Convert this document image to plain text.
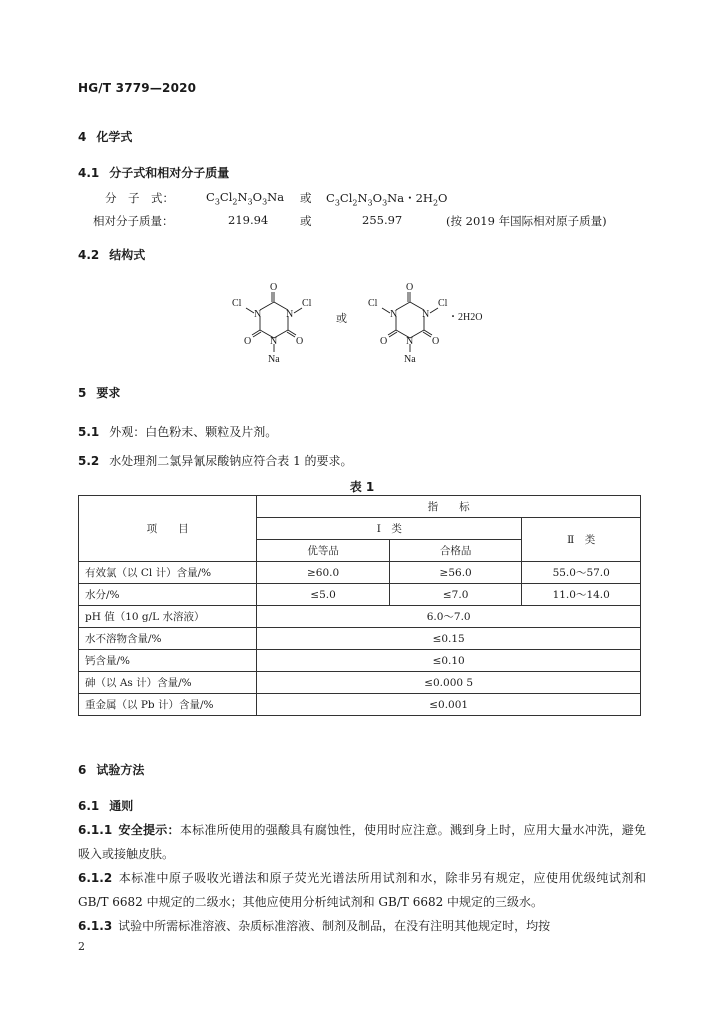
HG/T 3779—2020
4 化学式
4.1 分子式和相对分子质量
分　子　式：	$C_3Cl_2N_3O_3Na$ 或 $C_3Cl_2N_3O_3Na$・$2H_2O$
相对分子质量：	219.94	或	255.97	(按 2019 年国际相对原子质量)
4.2 结构式
O
N N
N
Cl	Cl
O	O
Na
或
O
N N
N
Cl	Cl
O	O
Na
・2H2O
5 要求
5.1 外观：白色粉末、颗粒及片剂。
5.2 水处理剂二氯异氰尿酸钠应符合表 1 的要求。
表 1
项　　目	指　　标		
	Ⅰ　类		Ⅱ　类
	优等品	合格品	
有效氯（以 Cl 计）含量/%	≥60.0	≥56.0	55.0～57.0
水分/%	≤5.0	≤7.0	11.0～14.0
pH 值（10 g/L 水溶液）	6.0～7.0		
水不溶物含量/%	≤0.15		
钙含量/%	≤0.10		
砷（以 As 计）含量/%	≤0.000 5		
重金属（以 Pb 计）含量/%	≤0.001		
6 试验方法
6.1 通则
6.1.1 安全提示：本标准所使用的强酸具有腐蚀性，使用时应注意。溅到身上时，应用大量水冲洗，避免吸入或接触皮肤。
6.1.2 本标准中原子吸收光谱法和原子荧光光谱法所用试剂和水，除非另有规定，应使用优级纯试剂和 GB/T 6682 中规定的二级水；其他应使用分析纯试剂和 GB/T 6682 中规定的三级水。
6.1.3 试验中所需标准溶液、杂质标准溶液、制剂及制品，在没有注明其他规定时，均按
2
